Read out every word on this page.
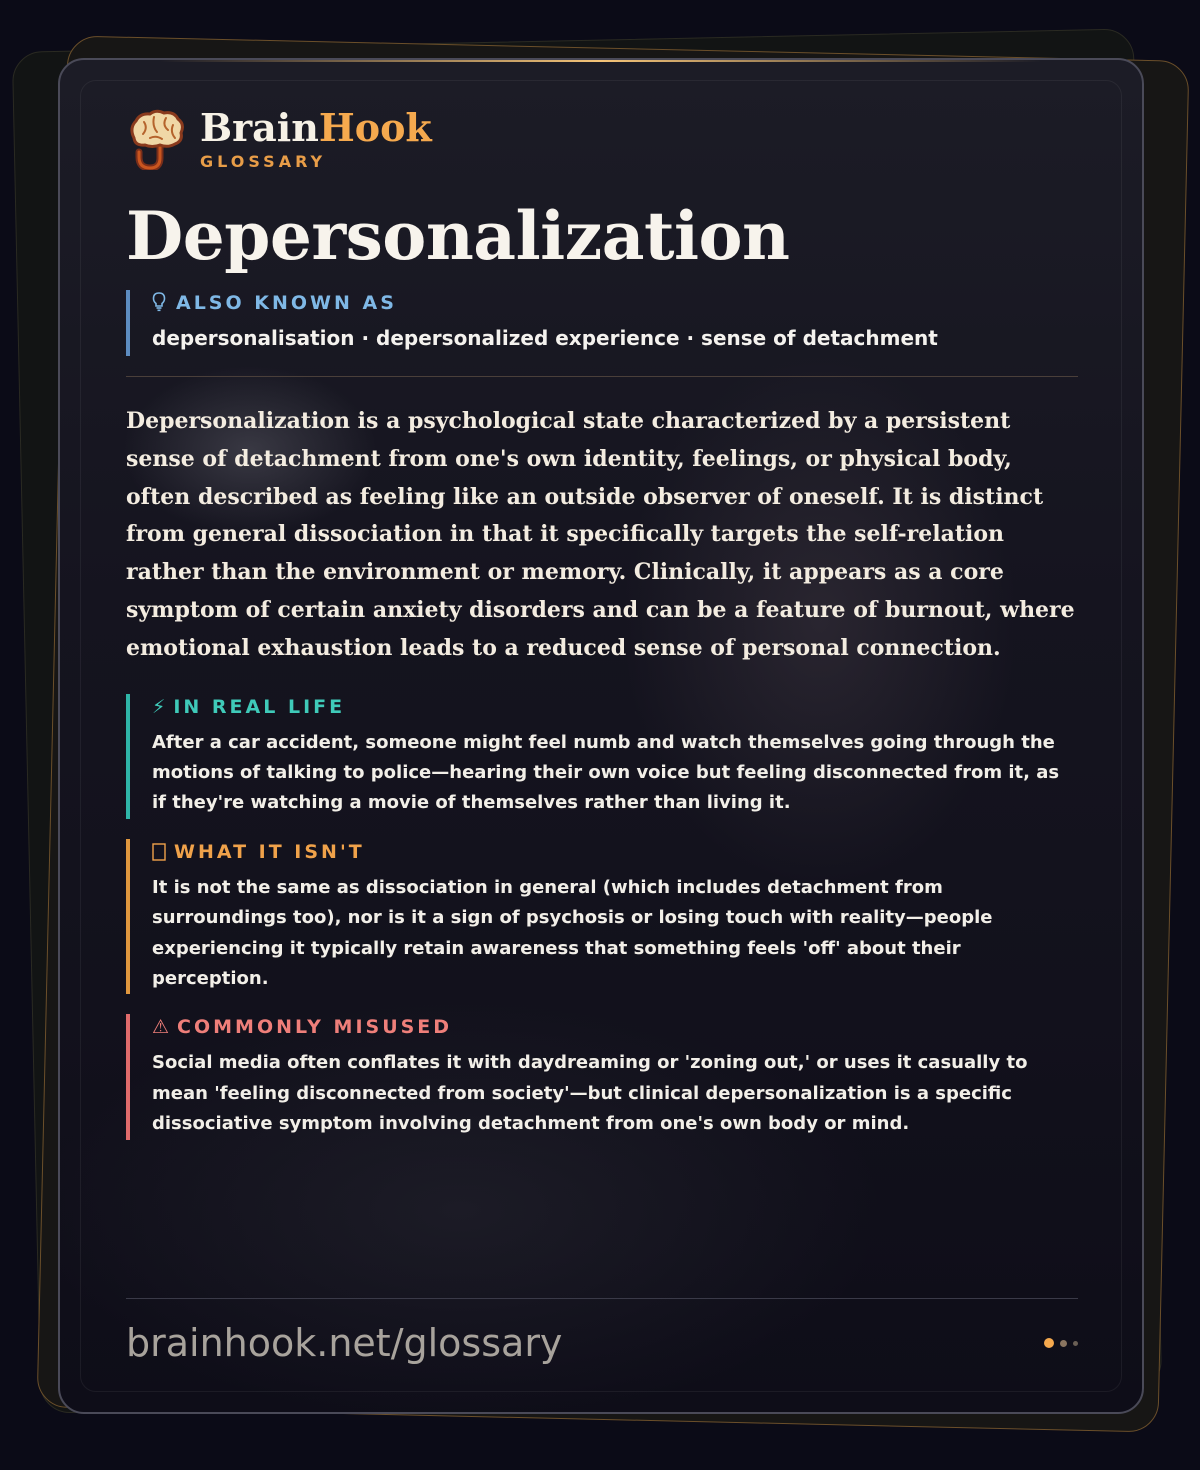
BrainHook
GLOSSARY
Depersonalization
ALSO KNOWN AS
depersonalisation · depersonalized experience · sense of detachment
Depersonalization is a psychological state characterized by a persistent sense of detachment from one's own identity, feelings, or physical body, often described as feeling like an outside observer of oneself. It is distinct from general dissociation in that it specifically targets the self-relation rather than the environment or memory. Clinically, it appears as a core symptom of certain anxiety disorders and can be a feature of burnout, where emotional exhaustion leads to a reduced sense of personal connection.
⚡ IN REAL LIFE
After a car accident, someone might feel numb and watch themselves going through the motions of talking to police—hearing their own voice but feeling disconnected from it, as if they're watching a movie of themselves rather than living it.
WHAT IT ISN'T
It is not the same as dissociation in general (which includes detachment from surroundings too), nor is it a sign of psychosis or losing touch with reality—people experiencing it typically retain awareness that something feels 'off' about their perception.
⚠ COMMONLY MISUSED
Social media often conflates it with daydreaming or 'zoning out,' or uses it casually to mean 'feeling disconnected from society'—but clinical depersonalization is a specific dissociative symptom involving detachment from one's own body or mind.
brainhook.net/glossary
